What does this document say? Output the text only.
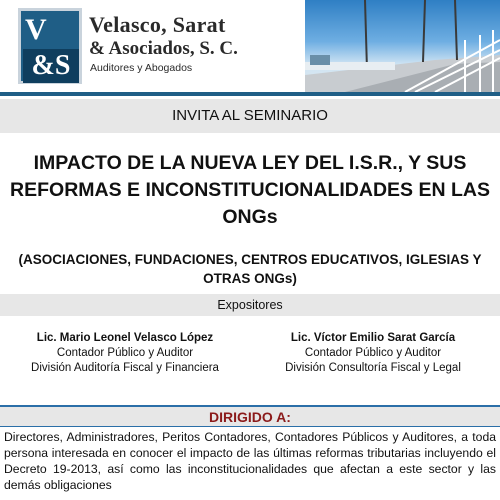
V
&S
Velasco, Sarat
& Asociados, S. C.
Auditores y Abogados
INVITA AL SEMINARIO
IMPACTO DE LA NUEVA LEY DEL I.S.R., Y SUS REFORMAS E INCONSTITUCIONALIDADES EN LAS ONGs
(ASOCIACIONES, FUNDACIONES, CENTROS EDUCATIVOS, IGLESIAS Y OTRAS ONGs)
Expositores
Lic. Mario Leonel Velasco López
Contador Público y Auditor
División Auditoría Fiscal y Financiera
Lic. Víctor Emilio Sarat García
Contador Público y Auditor
División Consultoría Fiscal y Legal
DIRIGIDO A:
Directores, Administradores, Peritos Contadores, Contadores Públicos y Auditores, a toda persona interesada en conocer el impacto de las últimas reformas tributarias incluyendo el Decreto 19-2013, así como las inconstitucionalidades que afectan a este sector y las demás obligaciones
